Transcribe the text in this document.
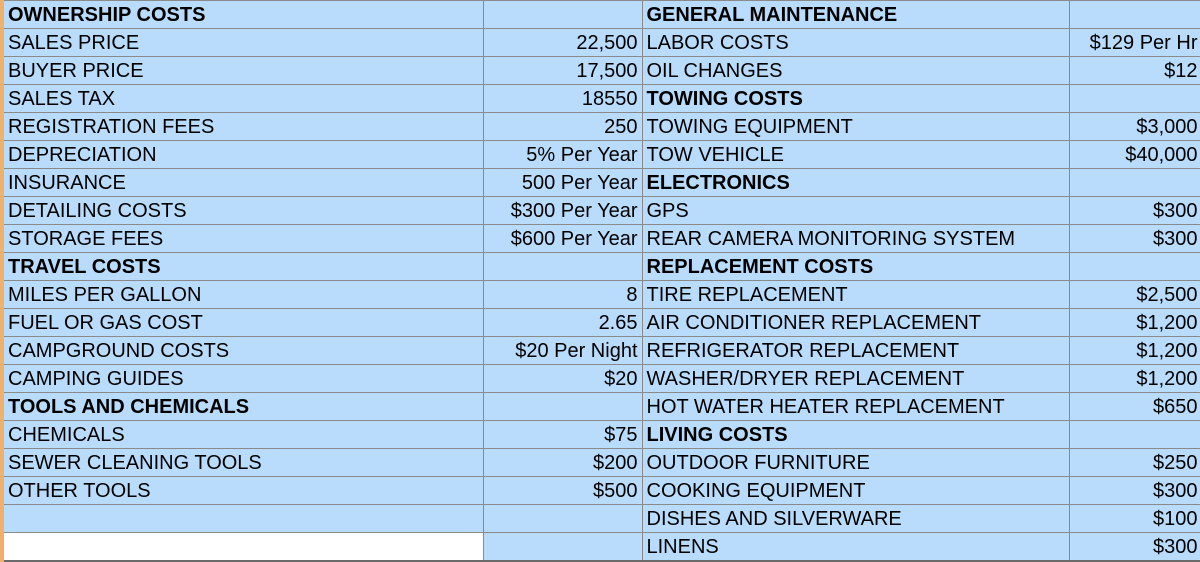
OWNERSHIP COSTS		GENERAL MAINTENANCE	
SALES PRICE	22,500	LABOR COSTS	$129 Per Hr
BUYER PRICE	17,500	OIL CHANGES	$12
SALES TAX	18550	TOWING COSTS	
REGISTRATION FEES	250	TOWING EQUIPMENT	$3,000
DEPRECIATION	5% Per Year	TOW VEHICLE	$40,000
INSURANCE	500 Per Year	ELECTRONICS	
DETAILING COSTS	$300 Per Year	GPS	$300
STORAGE FEES	$600 Per Year	REAR CAMERA MONITORING SYSTEM	$300
TRAVEL COSTS		REPLACEMENT COSTS	
MILES PER GALLON	8	TIRE REPLACEMENT	$2,500
FUEL OR GAS COST	2.65	AIR CONDITIONER REPLACEMENT	$1,200
CAMPGROUND COSTS	$20 Per Night	REFRIGERATOR REPLACEMENT	$1,200
CAMPING GUIDES	$20	WASHER/DRYER REPLACEMENT	$1,200
TOOLS AND CHEMICALS		HOT WATER HEATER REPLACEMENT	$650
CHEMICALS	$75	LIVING COSTS	
SEWER CLEANING TOOLS	$200	OUTDOOR FURNITURE	$250
OTHER TOOLS	$500	COOKING EQUIPMENT	$300
		DISHES AND SILVERWARE	$100
		LINENS	$300
